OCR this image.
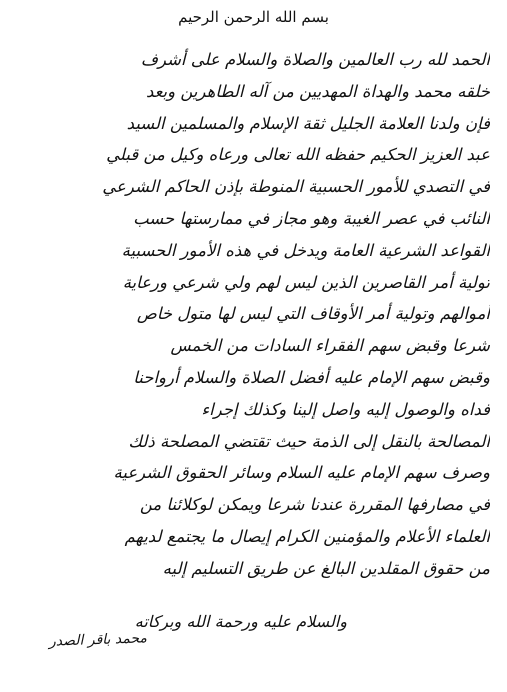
بسم الله الرحمن الرحيم
الحمد لله رب العالمين والصلاة والسلام على أشرف
خلقه محمد والهداة المهديين من آله الطاهرين وبعد
فإن ولدنا العلامة الجليل ثقة الإسلام والمسلمين السيد
عبد العزيز الحكيم حفظه الله تعالى ورعاه وكيل من قبلي
في التصدي للأمور الحسبية المنوطة بإذن الحاكم الشرعي
النائب في عصر الغيبة وهو مجاز في ممارستها حسب
القواعد الشرعية العامة ويدخل في هذه الأمور الحسبية
تولية أمر القاصرين الذين ليس لهم ولي شرعي ورعاية
أموالهم وتولية أمر الأوقاف التي ليس لها متول خاص
شرعا وقبض سهم الفقراء السادات من الخمس
وقبض سهم الإمام عليه أفضل الصلاة والسلام أرواحنا
فداه والوصول إليه واصل إلينا وكذلك إجراء
المصالحة بالنقل إلى الذمة حيث تقتضي المصلحة ذلك
وصرف سهم الإمام عليه السلام وسائر الحقوق الشرعية
في مصارفها المقررة عندنا شرعا ويمكن لوكلائنا من
العلماء الأعلام والمؤمنين الكرام إيصال ما يجتمع لديهم
من حقوق المقلدين البالغ عن طريق التسليم إليه
والسلام عليه ورحمة الله وبركاته
محمد باقر الصدر
